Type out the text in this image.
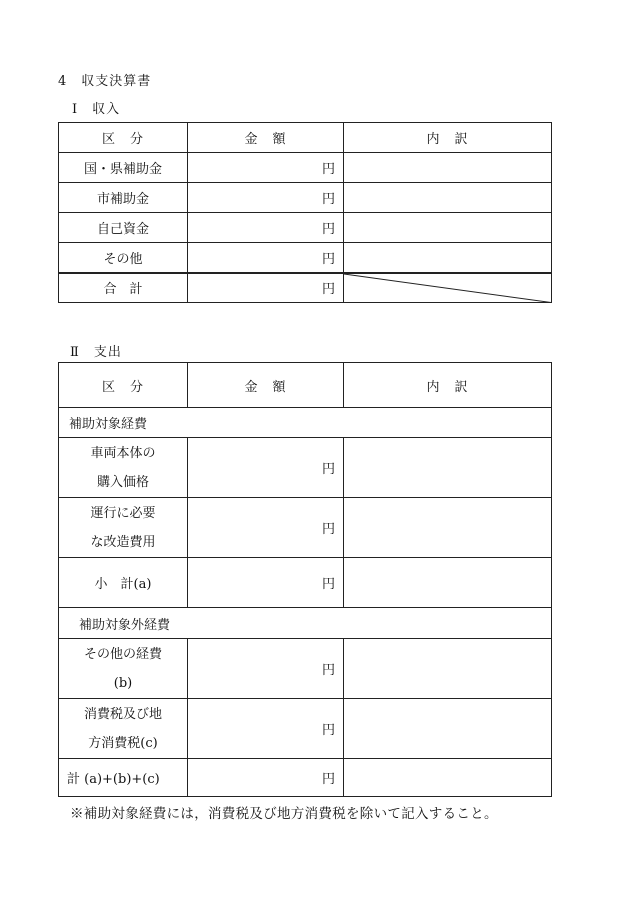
4　収支決算書
Ⅰ　収入
区　分	金　額	内　訳
国・県補助金	円	
市補助金	円	
自己資金	円	
その他	円	
合　計	円	
Ⅱ　支出
区　分	金　額	内　訳
補助対象経費		

車両本体の
購入価格	円	

運行に必要
な改造費用	円	
小　計(a)	円	
補助対象外経費		

その他の経費
(b)	円	

消費税及び地
方消費税(c)	円	
計 (a)+(b)+(c)	円	
※補助対象経費には，消費税及び地方消費税を除いて記入すること。
